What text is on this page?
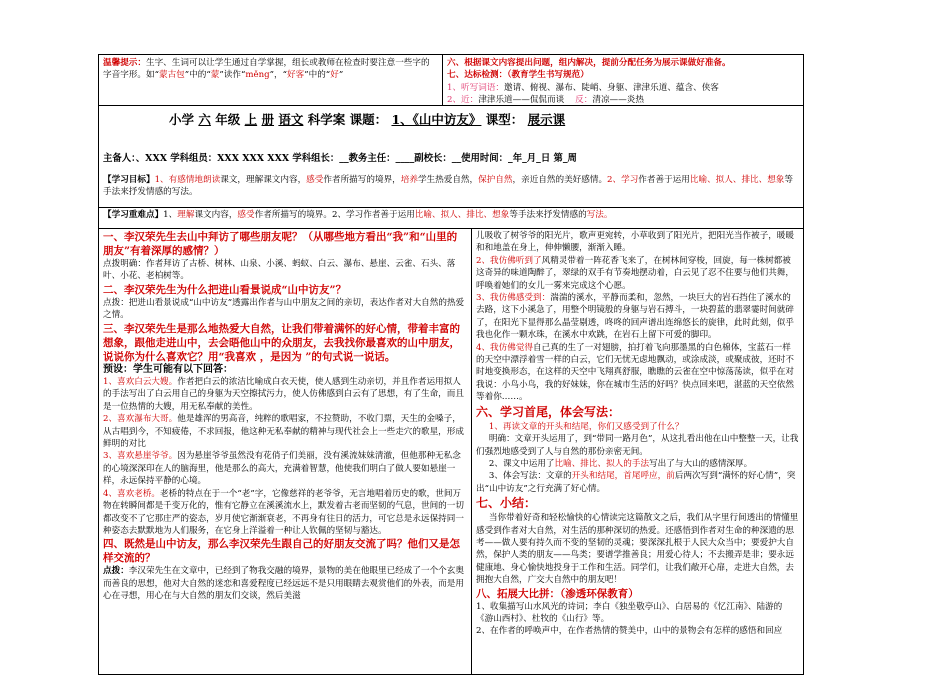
温馨提示：生字、生词可以让学生通过自学掌握，组长或教师在检查时要注意一些字的字音字形。如“蒙古包”中的“蒙”读作“měng”，“好客”中的“好”

六、根据课文内容提出问题，组内解决，提前分配任务为展示课做好准备。

七、达标检测：（教育学生书写规范）

1、听写词语：邀请、俯视、瀑布、陡峭、身躯、津津乐道、蕴含、侠客

2、近：津津乐道——侃侃而谈 反：清凉——炎热

小学 六 年级 上 册 语文 科学案 课题： 1、《山中访友》 课型： 展示课
主备人：、XXX 学科组员：XXX XXX XXX 学科组长：__教务主任：____副校长：__使用时间：_年_月_日 第_周
【学习目标】1、有感情地朗读课文，理解课文内容，感受作者所描写的境界，培养学生热爱自然，保护自然，亲近自然的美好感情。2、学习作者善于运用比喻、拟人、排比、想象等手法来抒发情感的写法。
【学习重难点】1、理解课文内容，感受作者所描写的境界。2、学习作者善于运用比喻、拟人、排比、想象等手法来抒发情感的写法。

一、李汉荣先生去山中拜访了哪些朋友呢？（从哪些地方看出“我”和“山里的朋友”有着深厚的感情？）

点拨明确：作者拜访了古桥、树林、山泉、小溪、蚂蚁、白云、瀑布、悬崖、云雀、石头、落叶、小花、老柏树等。

二、李汉荣先生为什么把进山看景说成“山中访友”？

点拨：把进山看景说成“山中访友”透露出作者与山中朋友之间的亲切，表达作者对大自然的热爱之情。

三、李汉荣先生是那么地热爱大自然，让我们带着满怀的好心情，带着丰富的想象，跟他走进山中，去会晤他山中的众朋友，去我找你最喜欢的山中朋友，说说你为什么喜欢它？用“我喜欢 ，是因为 ”的句式说一说话。

预设：学生可能有以下回答：

1、喜欢白云大嫂。作者把白云的浓洁比喻成白衣天使，使人感到生动亲切，并且作者运用拟人的手法写出了白云用自己的身躯为天空擦拭污力，使人仿佛感到白云有了思想，有了生命，而且是一位热情的大嫂，用无私奉献的美性。

2、喜欢瀑布大哥。他是雄浑的男高音，纯粹的歌唱家，不拉赞助，不收门票，天生的金嗓子，从古唱到今，不知疲倦，不求回报，他这种无私奉献的精神与现代社会上一些走穴的歌星，形成鲜明的对比

3、喜欢悬崖爷爷。因为悬崖爷爷虽然没有花俏子们美丽，没有溪流妹妹清澈，但他那种无私念的心境深深印在人的脑海里，他是那么的高大，充满着智慧，他使我们明白了做人要如悬崖一样，永远保持平静的心境。

4、喜欢老桥。老桥的特点在于一个“老”字，它像慈祥的老爷爷，无言地唱着历史的歌，世间万物在转瞬间都是千变万化的，惟有它静立在溪溪流水上，默发着古老而坚韧的气息，世间的一切都改变不了它那庄严的姿态，岁月使它渐渐衰老，不再身有往日的活力，可它总是永远保持同一种姿态去默默地为人们服务，在它身上洋溢着一种让人钦佩的坚韧与豁达。

四、既然是山中访友，那么李汉荣先生跟自己的好朋友交流了吗？他们又是怎样交流的？

点拨：李汉荣先生在文章中，已经到了物我交融的境界，景物的美在他眼里已经成了一个个玄奥而善良的思想，他对大自然的迷恋和喜爱程度已经远远不是只用眼睛去观赏他们的外表，而是用心在寻想，用心在与大自然的朋友们交谈，然后美滋

儿吸收了树爷爷的阳光片，歌声更宛转，小草收到了阳光片，把阳光当作被子，暖暖和和地盖在身上，伸伸懒腰，渐渐入睡。

2、我仿佛听到了风精灵带着一阵花香飞来了，在树林间穿梭，回旋，每一株树都被这奇异的味道陶醉了，翠绿的双手有节奏地摆动着，白云见了忍不住要与他们共舞，呼唤着她们的女儿一雾来完成这个心愿。

3、我仿佛感受到：湍湍的溪水，平静而柔和，忽然，一块巨大的岩石挡住了溪水的去路，这下小溪急了，用整个明镜般的身躯与岩石搏斗，一块碧蓝的翡翠霎时间就碎了，在阳光下显得那么晶莹剔透，咚咚的回声谱出连绵悠长的旋律，此时此刻，似乎我也化作一颗水珠，在溪水中欢跳，在岩石上留下可爱的脚印。

4、我仿佛觉得自己真的生了一对翅膀，拍打着飞向那墨黑的白色棉体，宝蓝石一样的天空中漂浮着雪一样的白云，它们无忧无虑地飘动，或涂成淡，或聚成彼，还时不时地变换形态，在这样的天空中飞翔真舒服，瞧瞧的云雀在空中惊荡荡读，似乎在对我说：小鸟小鸟，我的好妹妹，你在城市生活的好吗？快点回来吧，湛蓝的天空依然等着你……。

六、学习首尾，体会写法：

1、再读文章的开头和结尾，你们又感受到了什么？

明确：文章开头运用了，到“带同一路月色”，从这扎看出他在山中整整一天，让我们强烈地感受到了人与自然的那份亲密无间。

2、课文中运用了比喻、排比、拟人的手法写出了与大山的感情深厚。

3、体会写法：文章的开头和结尾，首尾呼应，前后两次写到“满怀的好心情”，突出“山中访友”之行充满了好心情。

七、小结：

当你带着好奇和轻松愉快的心情读完这篇散文之后，我们从字里行间透出的情懂里感受到作者对大自然，对生活的那种深切的热爱。还感悟到作者对生命的种深遗的思考——做人要有持久而不变的坚韧的灵魂；要深深扎根于人民大众当中；要爱护大自然，保护人类的朋友——鸟类；要谱学推善良；用爱心待人；不去搬弄是非；要永远健康地、身心愉快地投身于工作和生活。同学们，让我们敞开心扉，走进大自然，去拥抱大自然，广交大自然中的朋友吧！

八、拓展大比拼：（渗透环保教育）

1、收集描写山水风光的诗词；李白《独坐敬亭山》、白居易的《忆江南》、陆游的《游山西村》、杜牧的《山行》等。

2、在作者的呼唤声中，在作者热情的赞美中，山中的景物会有怎样的感悟和回应
